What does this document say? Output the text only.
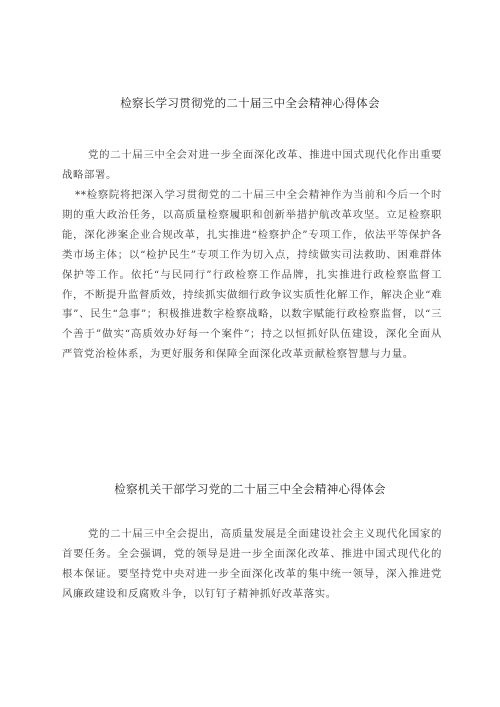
检察长学习贯彻党的二十届三中全会精神心得体会

党的二十届三中全会对进一步全面深化改革、推进中国式现代化作出重要战略部署。

**检察院将把深入学习贯彻党的二十届三中全会精神作为当前和今后一个时期的重大政治任务，以高质量检察履职和创新举措护航改革攻坚。立足检察职能，深化涉案企业合规改革，扎实推进“检察护企”专项工作，依法平等保护各类市场主体；以“检护民生”专项工作为切入点，持续做实司法救助、困难群体保护等工作。依托“与民同行”行政检察工作品牌，扎实推进行政检察监督工作，不断提升监督质效，持续抓实做细行政争议实质性化解工作，解决企业“难事”、民生“急事”；积极推进数字检察战略，以数字赋能行政检察监督，以“三个善于”做实“高质效办好每一个案件”；持之以恒抓好队伍建设，深化全面从严管党治检体系，为更好服务和保障全面深化改革贡献检察智慧与力量。

检察机关干部学习党的二十届三中全会精神心得体会

党的二十届三中全会提出，高质量发展是全面建设社会主义现代化国家的首要任务。全会强调，党的领导是进一步全面深化改革、推进中国式现代化的根本保证。要坚持党中央对进一步全面深化改革的集中统一领导，深入推进党风廉政建设和反腐败斗争，以钉钉子精神抓好改革落实。
